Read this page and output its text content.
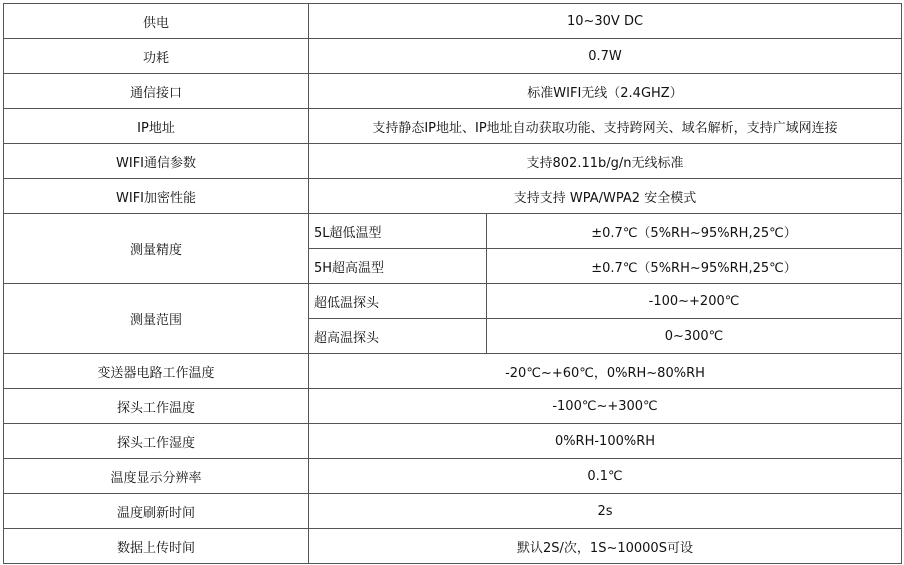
供电	10~30V DC	
功耗	0.7W	
通信接口	标准WIFI无线（2.4GHZ）	
IP地址	支持静态IP地址、IP地址自动获取功能、支持跨网关、域名解析，支持广域网连接	
WIFI通信参数	支持802.11b/g/n无线标准	
WIFI加密性能	支持支持 WPA/WPA2 安全模式	
测量精度	5L超低温型	±0.7℃（5%RH~95%RH,25℃）
	5H超高温型	±0.7℃（5%RH~95%RH,25℃）
测量范围	超低温探头	-100~+200℃
	超高温探头	0~300℃
变送器电路工作温度	-20℃~+60℃，0%RH~80%RH	
探头工作温度	-100℃~+300℃	
探头工作湿度	0%RH-100%RH	
温度显示分辨率	0.1℃	
温度刷新时间	2s	
数据上传时间	默认2S/次，1S~10000S可设	
